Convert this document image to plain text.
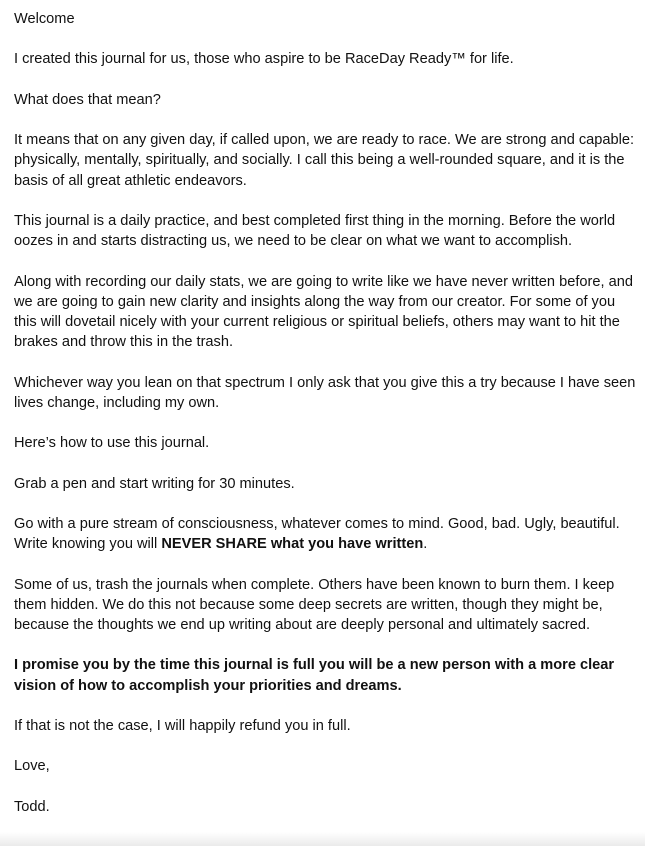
Welcome

I created this journal for us, those who aspire to be RaceDay Ready™ for life.

What does that mean?

It means that on any given day, if called upon, we are ready to race. We are strong and capable: physically, mentally, spiritually, and socially. I call this being a well-rounded square, and it is the basis of all great athletic endeavors.

This journal is a daily practice, and best completed first thing in the morning. Before the world oozes in and starts distracting us, we need to be clear on what we want to accomplish.

Along with recording our daily stats, we are going to write like we have never written before, and we are going to gain new clarity and insights along the way from our creator. For some of you this will dovetail nicely with your current religious or spiritual beliefs, others may want to hit the brakes and throw this in the trash.

Whichever way you lean on that spectrum I only ask that you give this a try because I have seen lives change, including my own.

Here’s how to use this journal.

Grab a pen and start writing for 30 minutes.

Go with a pure stream of consciousness, whatever comes to mind. Good, bad. Ugly, beautiful. Write knowing you will NEVER SHARE what you have written.

Some of us, trash the journals when complete. Others have been known to burn them. I keep them hidden. We do this not because some deep secrets are written, though they might be, because the thoughts we end up writing about are deeply personal and ultimately sacred.

I promise you by the time this journal is full you will be a new person with a more clear vision of how to accomplish your priorities and dreams.

If that is not the case, I will happily refund you in full.

Love,

Todd.
